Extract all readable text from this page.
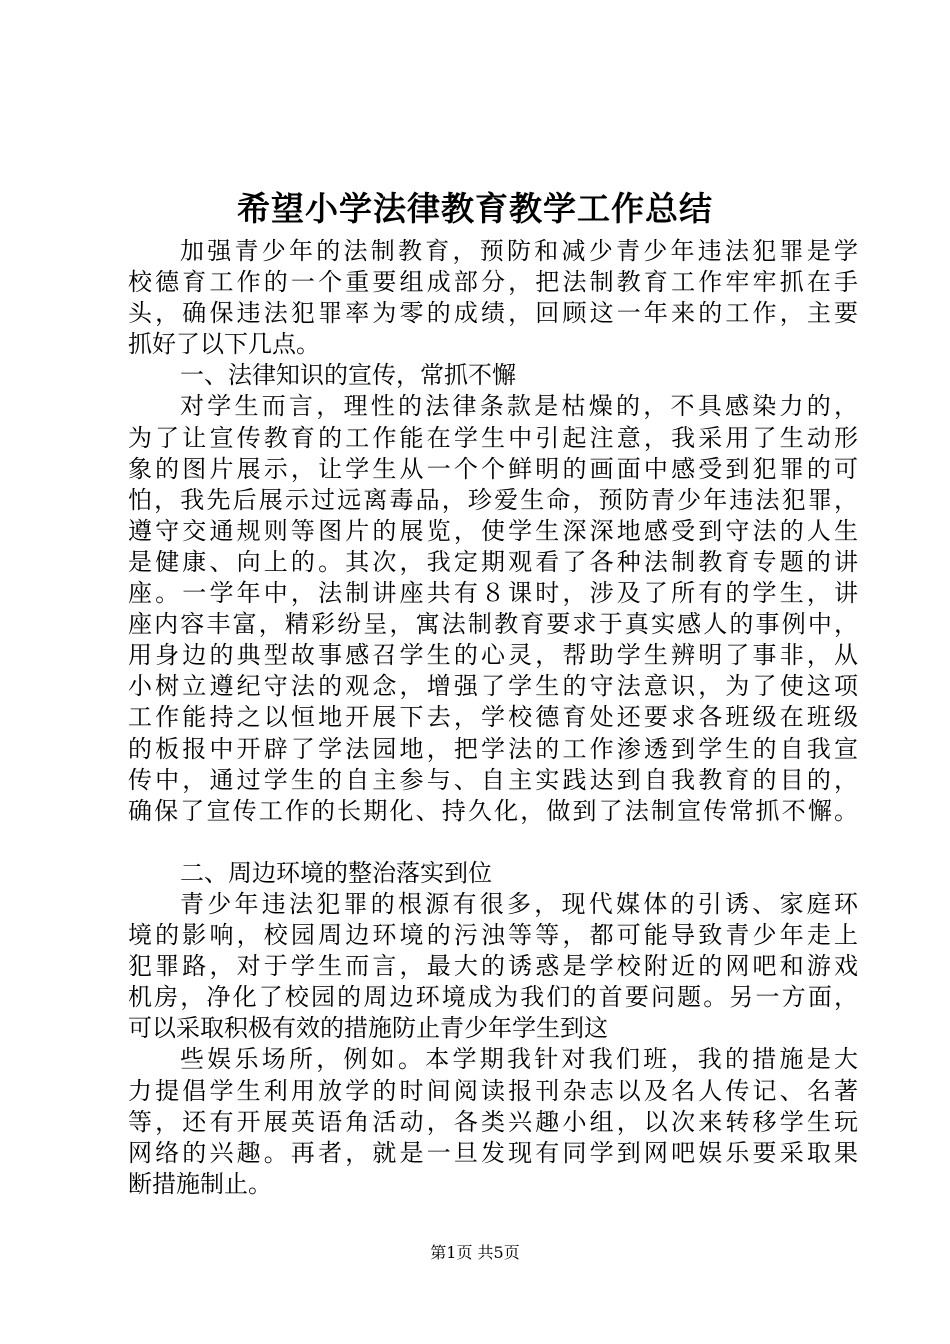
希望小学法律教育教学工作总结
加强青少年的法制教育，预防和减少青少年违法犯罪是学
校德育工作的一个重要组成部分，把法制教育工作牢牢抓在手
头，确保违法犯罪率为零的成绩，回顾这一年来的工作，主要
抓好了以下几点。
一、法律知识的宣传，常抓不懈
对学生而言，理性的法律条款是枯燥的，不具感染力的，
为了让宣传教育的工作能在学生中引起注意，我采用了生动形
象的图片展示，让学生从一个个鲜明的画面中感受到犯罪的可
怕，我先后展示过远离毒品，珍爱生命，预防青少年违法犯罪，
遵守交通规则等图片的展览，使学生深深地感受到守法的人生
是健康、向上的。其次，我定期观看了各种法制教育专题的讲
座。一学年中，法制讲座共有８课时，涉及了所有的学生，讲
座内容丰富，精彩纷呈，寓法制教育要求于真实感人的事例中，
用身边的典型故事感召学生的心灵，帮助学生辨明了事非，从
小树立遵纪守法的观念，增强了学生的守法意识，为了使这项
工作能持之以恒地开展下去，学校德育处还要求各班级在班级
的板报中开辟了学法园地，把学法的工作渗透到学生的自我宣
传中，通过学生的自主参与、自主实践达到自我教育的目的，
确保了宣传工作的长期化、持久化，做到了法制宣传常抓不懈。
二、周边环境的整治落实到位
青少年违法犯罪的根源有很多，现代媒体的引诱、家庭环
境的影响，校园周边环境的污浊等等，都可能导致青少年走上
犯罪路，对于学生而言，最大的诱惑是学校附近的网吧和游戏
机房，净化了校园的周边环境成为我们的首要问题。另一方面，
可以采取积极有效的措施防止青少年学生到这
些娱乐场所，例如。本学期我针对我们班，我的措施是大
力提倡学生利用放学的时间阅读报刊杂志以及名人传记、名著
等，还有开展英语角活动，各类兴趣小组，以次来转移学生玩
网络的兴趣。再者，就是一旦发现有同学到网吧娱乐要采取果
断措施制止。
第1页 共5页
